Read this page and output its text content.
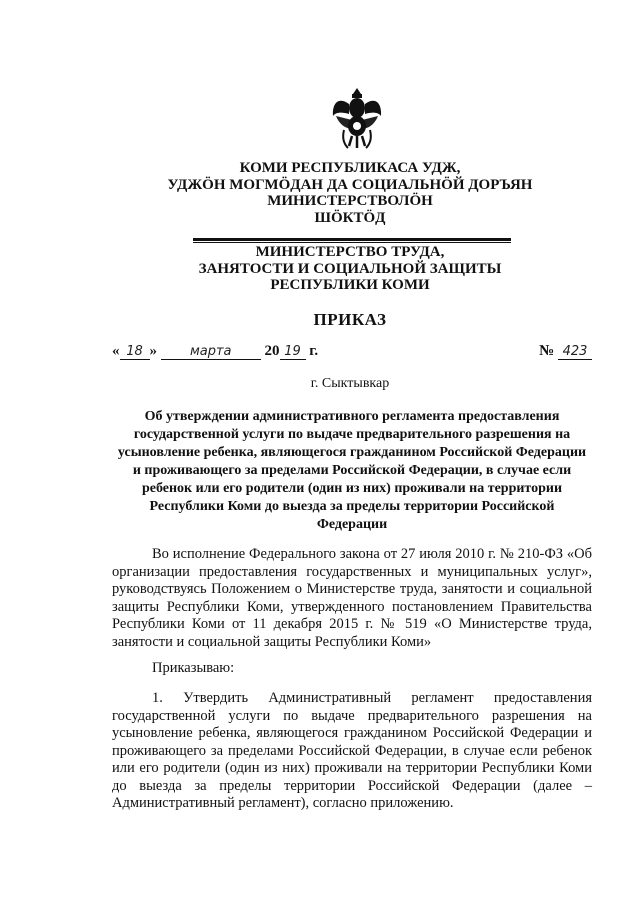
КОМИ РЕСПУБЛИКАСА УДЖ,
УДЖӦН МОГМӦДАН ДА СОЦИАЛЬНӦЙ ДОРЪЯН
МИНИСТЕРСТВОЛӦН
ШӦКТӦД
МИНИСТЕРСТВО ТРУДА,
ЗАНЯТОСТИ И СОЦИАЛЬНОЙ ЗАЩИТЫ
РЕСПУБЛИКИ КОМИ
ПРИКАЗ
« 18 »	марта 20 19 г.	№ 423
г. Сыктывкар
Об утверждении административного регламента предоставления государственной услуги по выдаче предварительного разрешения на усыновление ребенка, являющегося гражданином Российской Федерации и проживающего за пределами Российской Федерации, в случае если ребенок или его родители (один из них) проживали на территории Республики Коми до выезда за пределы территории Российской Федерации
Во исполнение Федерального закона от 27 июля 2010 г. № 210-ФЗ «Об организации предоставления государственных и муниципальных услуг», руководствуясь Положением о Министерстве труда, занятости и социальной защиты Республики Коми, утвержденного постановлением Правительства Республики Коми от 11 декабря 2015 г. № 519 «О Министерстве труда, занятости и социальной защиты Республики Коми»
Приказываю:
1. Утвердить Административный регламент предоставления государственной услуги по выдаче предварительного разрешения на усыновление ребенка, являющегося гражданином Российской Федерации и проживающего за пределами Российской Федерации, в случае если ребенок или его родители (один из них) проживали на территории Республики Коми до выезда за пределы территории Российской Федерации (далее – Административный регламент), согласно приложению.
